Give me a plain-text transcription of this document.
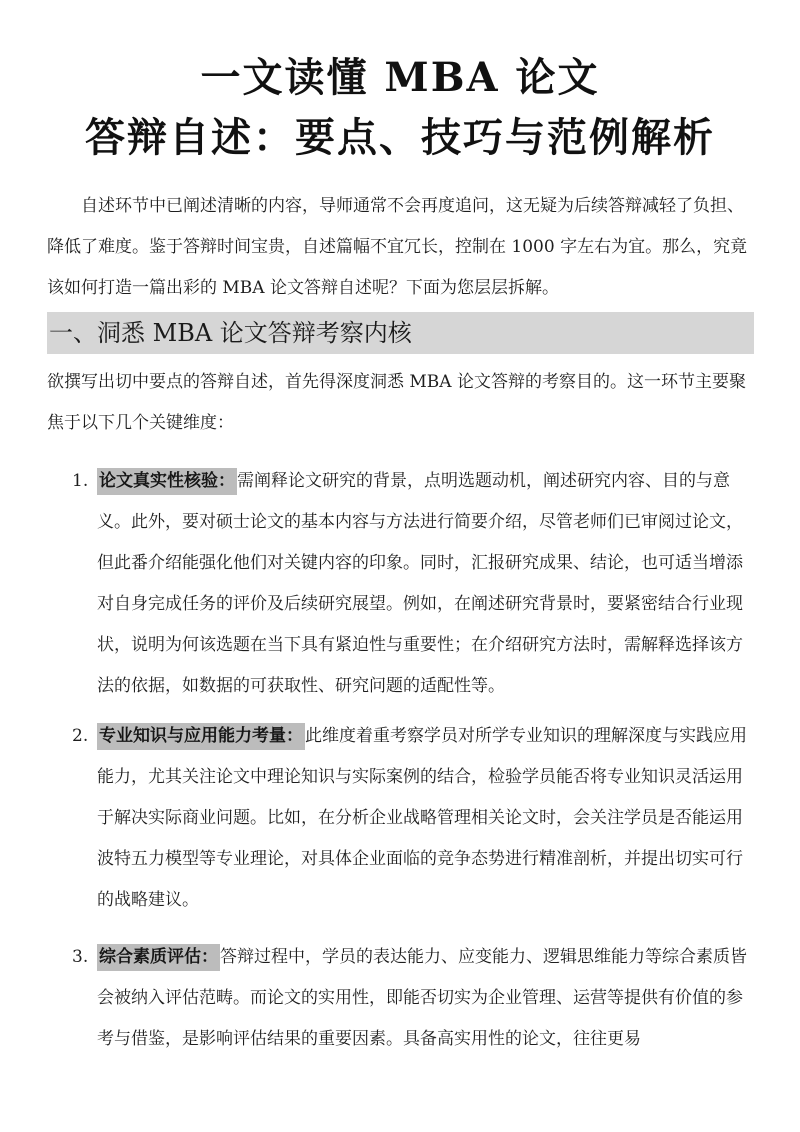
一文读懂 MBA 论文
答辩自述：要点、技巧与范例解析

自述环节中已阐述清晰的内容，导师通常不会再度追问，这无疑为后续答辩减轻了负担、降低了难度。鉴于答辩时间宝贵，自述篇幅不宜冗长，控制在 1000 字左右为宜。那么，究竟该如何打造一篇出彩的 MBA 论文答辩自述呢？下面为您层层拆解。

一、洞悉 MBA 论文答辩考察内核

欲撰写出切中要点的答辩自述，首先得深度洞悉 MBA 论文答辩的考察目的。这一环节主要聚焦于以下几个关键维度：

1. 论文真实性核验： 需阐释论文研究的背景，点明选题动机，阐述研究内容、目的与意义。此外，要对硕士论文的基本内容与方法进行简要介绍，尽管老师们已审阅过论文，但此番介绍能强化他们对关键内容的印象。同时，汇报研究成果、结论，也可适当增添对自身完成任务的评价及后续研究展望。例如，在阐述研究背景时，要紧密结合行业现状，说明为何该选题在当下具有紧迫性与重要性；在介绍研究方法时，需解释选择该方法的依据，如数据的可获取性、研究问题的适配性等。
2. 专业知识与应用能力考量： 此维度着重考察学员对所学专业知识的理解深度与实践应用能力，尤其关注论文中理论知识与实际案例的结合，检验学员能否将专业知识灵活运用于解决实际商业问题。比如，在分析企业战略管理相关论文时，会关注学员是否能运用波特五力模型等专业理论，对具体企业面临的竞争态势进行精准剖析，并提出切实可行的战略建议。
3. 综合素质评估： 答辩过程中，学员的表达能力、应变能力、逻辑思维能力等综合素质皆会被纳入评估范畴。而论文的实用性，即能否切实为企业管理、运营等提供有价值的参考与借鉴，是影响评估结果的重要因素。具备高实用性的论文，往往更易
